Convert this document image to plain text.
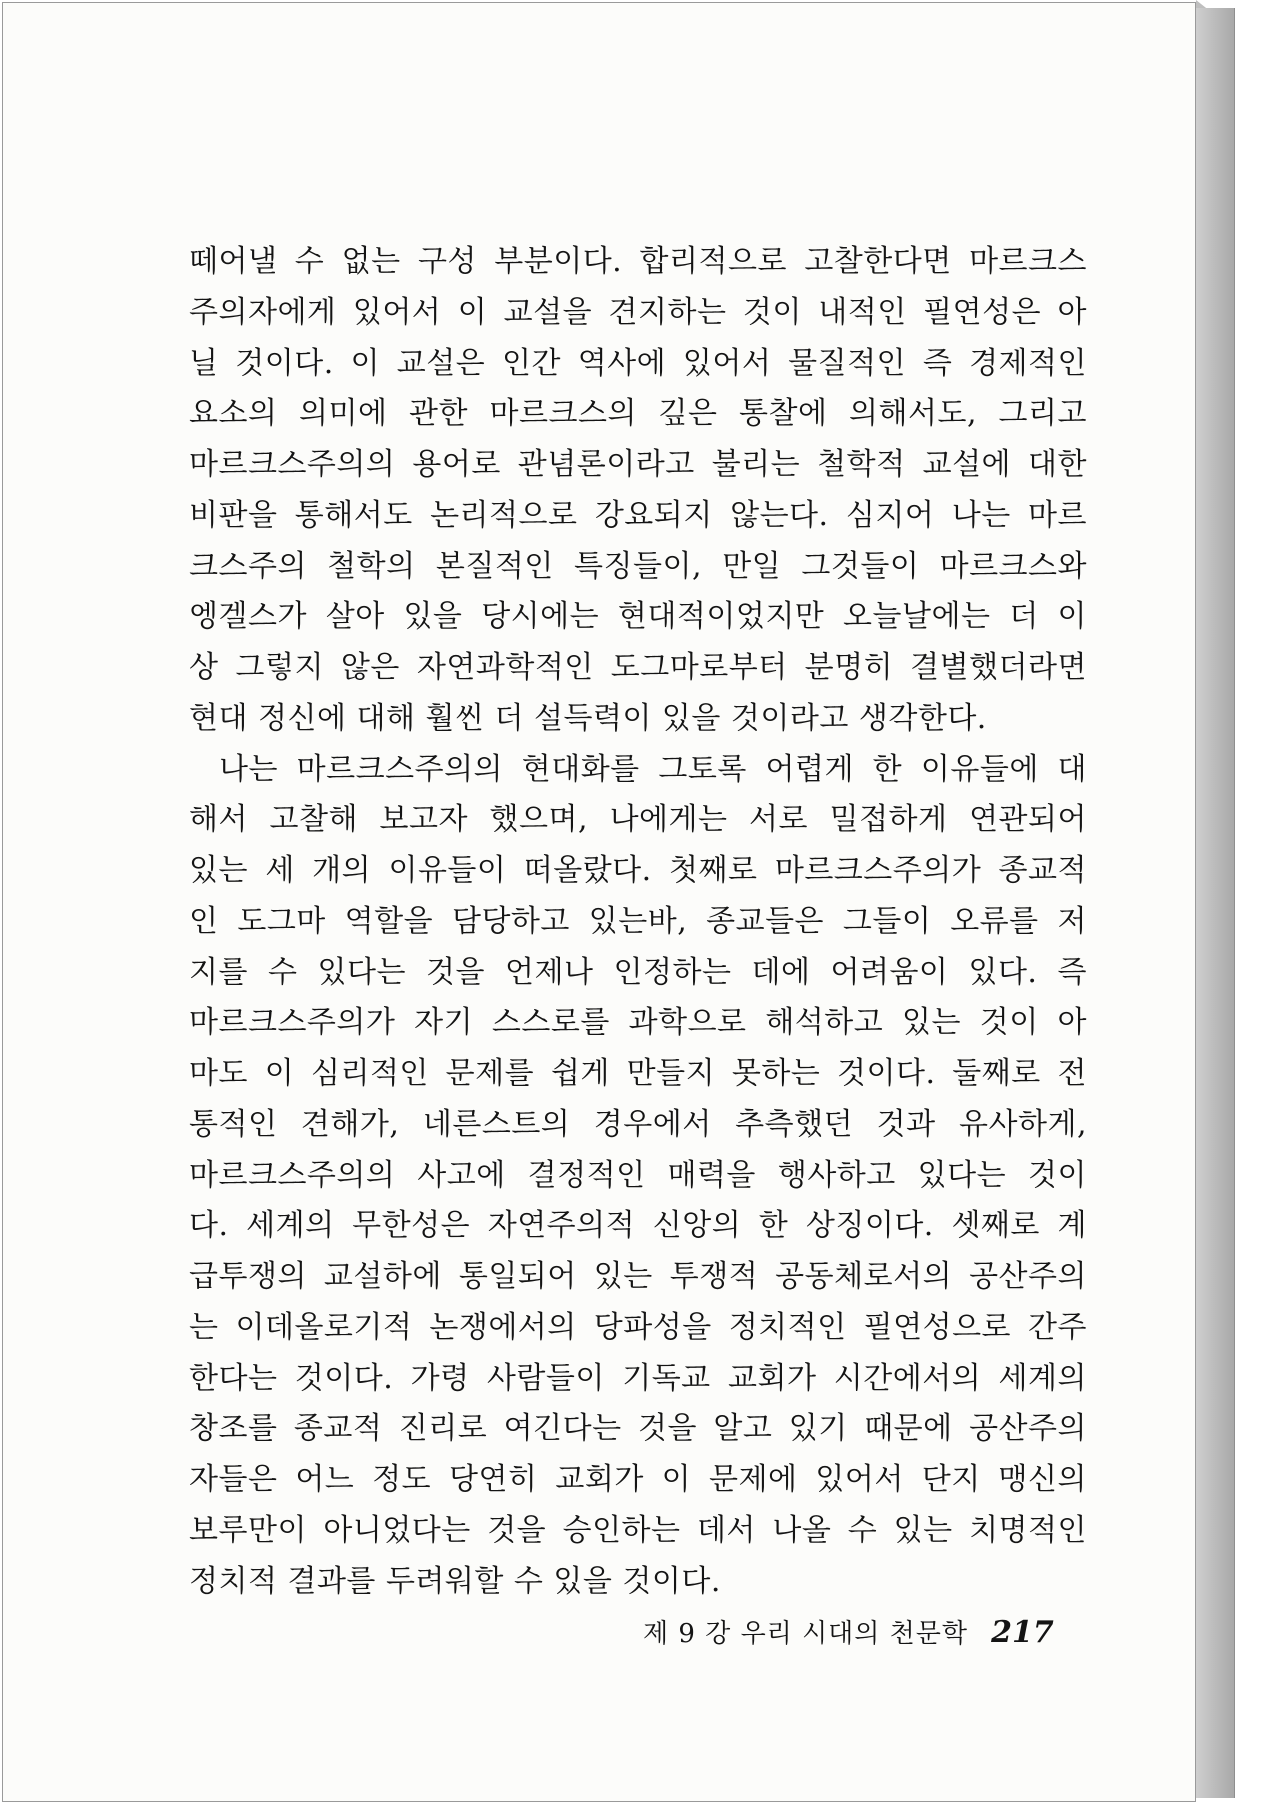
떼어낼 수 없는 구성 부분이다. 합리적으로 고찰한다면 마르크스
주의자에게 있어서 이 교설을 견지하는 것이 내적인 필연성은 아
닐 것이다. 이 교설은 인간 역사에 있어서 물질적인 즉 경제적인
요소의 의미에 관한 마르크스의 깊은 통찰에 의해서도, 그리고
마르크스주의의 용어로 관념론이라고 불리는 철학적 교설에 대한
비판을 통해서도 논리적으로 강요되지 않는다. 심지어 나는 마르
크스주의 철학의 본질적인 특징들이, 만일 그것들이 마르크스와
엥겔스가 살아 있을 당시에는 현대적이었지만 오늘날에는 더 이
상 그렇지 않은 자연과학적인 도그마로부터 분명히 결별했더라면
현대 정신에 대해 훨씬 더 설득력이 있을 것이라고 생각한다.
나는 마르크스주의의 현대화를 그토록 어렵게 한 이유들에 대
해서 고찰해 보고자 했으며, 나에게는 서로 밀접하게 연관되어
있는 세 개의 이유들이 떠올랐다. 첫째로 마르크스주의가 종교적
인 도그마 역할을 담당하고 있는바, 종교들은 그들이 오류를 저
지를 수 있다는 것을 언제나 인정하는 데에 어려움이 있다. 즉
마르크스주의가 자기 스스로를 과학으로 해석하고 있는 것이 아
마도 이 심리적인 문제를 쉽게 만들지 못하는 것이다. 둘째로 전
통적인 견해가, 네른스트의 경우에서 추측했던 것과 유사하게,
마르크스주의의 사고에 결정적인 매력을 행사하고 있다는 것이
다. 세계의 무한성은 자연주의적 신앙의 한 상징이다. 셋째로 계
급투쟁의 교설하에 통일되어 있는 투쟁적 공동체로서의 공산주의
는 이데올로기적 논쟁에서의 당파성을 정치적인 필연성으로 간주
한다는 것이다. 가령 사람들이 기독교 교회가 시간에서의 세계의
창조를 종교적 진리로 여긴다는 것을 알고 있기 때문에 공산주의
자들은 어느 정도 당연히 교회가 이 문제에 있어서 단지 맹신의
보루만이 아니었다는 것을 승인하는 데서 나올 수 있는 치명적인
정치적 결과를 두려워할 수 있을 것이다.
제 9 강 우리 시대의 천문학 217
